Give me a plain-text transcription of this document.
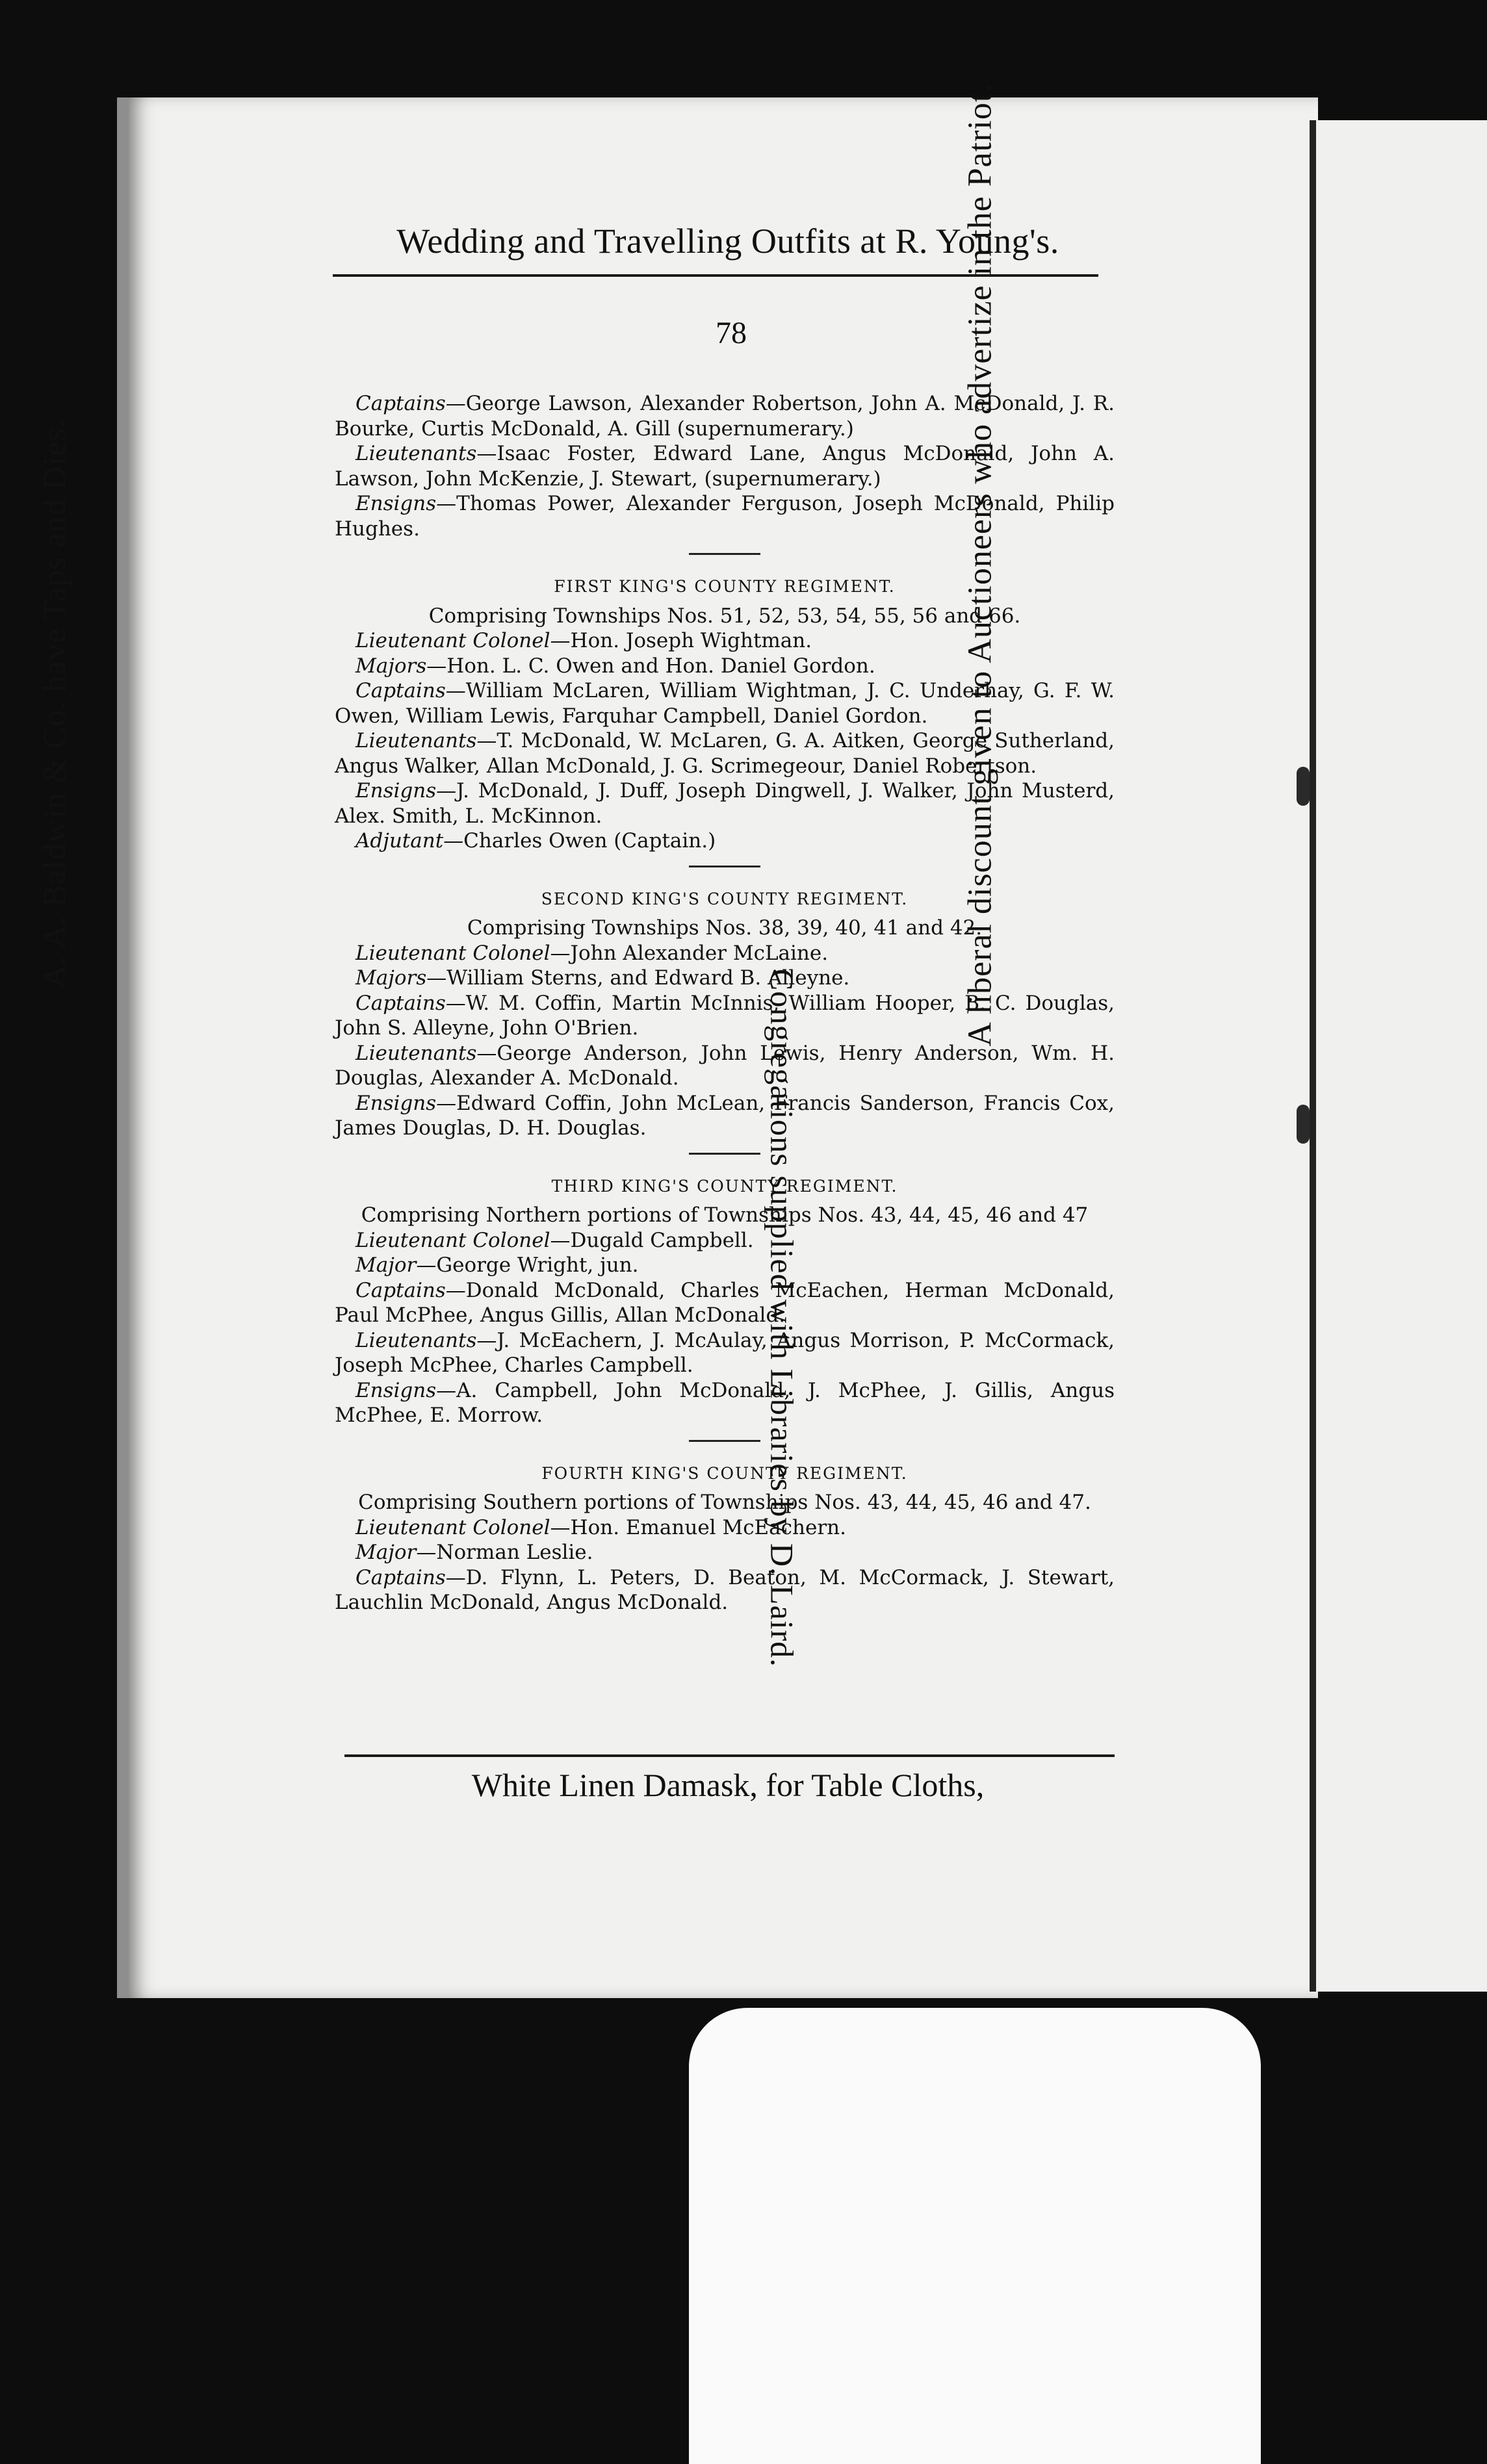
Wedding and Travelling Outfits at R. Young's.
78

Captains—George Lawson, Alexander Robertson, John A. McDonald, J. R. Bourke, Curtis McDonald, A. Gill (supernumerary.)

Lieutenants—Isaac Foster, Edward Lane, Angus McDonald, John A. Lawson, John McKenzie, J. Stewart, (supernumerary.)

Ensigns—Thomas Power, Alexander Ferguson, Joseph McDonald, Philip Hughes.

FIRST KING'S COUNTY REGIMENT.

Comprising Townships Nos. 51, 52, 53, 54, 55, 56 and 66.

Lieutenant Colonel—Hon. Joseph Wightman.

Majors—Hon. L. C. Owen and Hon. Daniel Gordon.

Captains—William McLaren, William Wightman, J. C. Underhay, G. F. W. Owen, William Lewis, Farquhar Campbell, Daniel Gordon.

Lieutenants—T. McDonald, W. McLaren, G. A. Aitken, George Sutherland, Angus Walker, Allan McDonald, J. G. Scrimegeour, Daniel Robertson.

Ensigns—J. McDonald, J. Duff, Joseph Dingwell, J. Walker, John Musterd, Alex. Smith, L. McKinnon.

Adjutant—Charles Owen (Captain.)

SECOND KING'S COUNTY REGIMENT.

Comprising Townships Nos. 38, 39, 40, 41 and 42.

Lieutenant Colonel—John Alexander McLaine.

Majors—William Sterns, and Edward B. Alleyne.

Captains—W. M. Coffin, Martin McInnis, William Hooper, B. C. Douglas, John S. Alleyne, John O'Brien.

Lieutenants—George Anderson, John Lewis, Henry Anderson, Wm. H. Douglas, Alexander A. McDonald.

Ensigns—Edward Coffin, John McLean, Francis Sanderson, Francis Cox, James Douglas, D. H. Douglas.

THIRD KING'S COUNTY REGIMENT.

Comprising Northern portions of Townships Nos. 43, 44, 45, 46 and 47

Lieutenant Colonel—Dugald Campbell.

Major—George Wright, jun.

Captains—Donald McDonald, Charles McEachen, Herman McDonald, Paul McPhee, Angus Gillis, Allan McDonald.

Lieutenants—J. McEachern, J. McAulay, Angus Morrison, P. McCormack, Joseph McPhee, Charles Campbell.

Ensigns—A. Campbell, John McDonald, J. McPhee, J. Gillis, Angus McPhee, E. Morrow.

FOURTH KING'S COUNTY REGIMENT.

Comprising Southern portions of Townships Nos. 43, 44, 45, 46 and 47.

Lieutenant Colonel—Hon. Emanuel McEachern.

Major—Norman Leslie.

Captains—D. Flynn, L. Peters, D. Beaton, M. McCormack, J. Stewart, Lauchlin McDonald, Angus McDonald.

White Linen Damask, for Table Cloths,
A. A. Baldwin & Co. have Taps and Dies.
Congregations supplied with Libraries by D. Laird.
A liberal discount given to Auctioneers who advertize in the Patriot.
